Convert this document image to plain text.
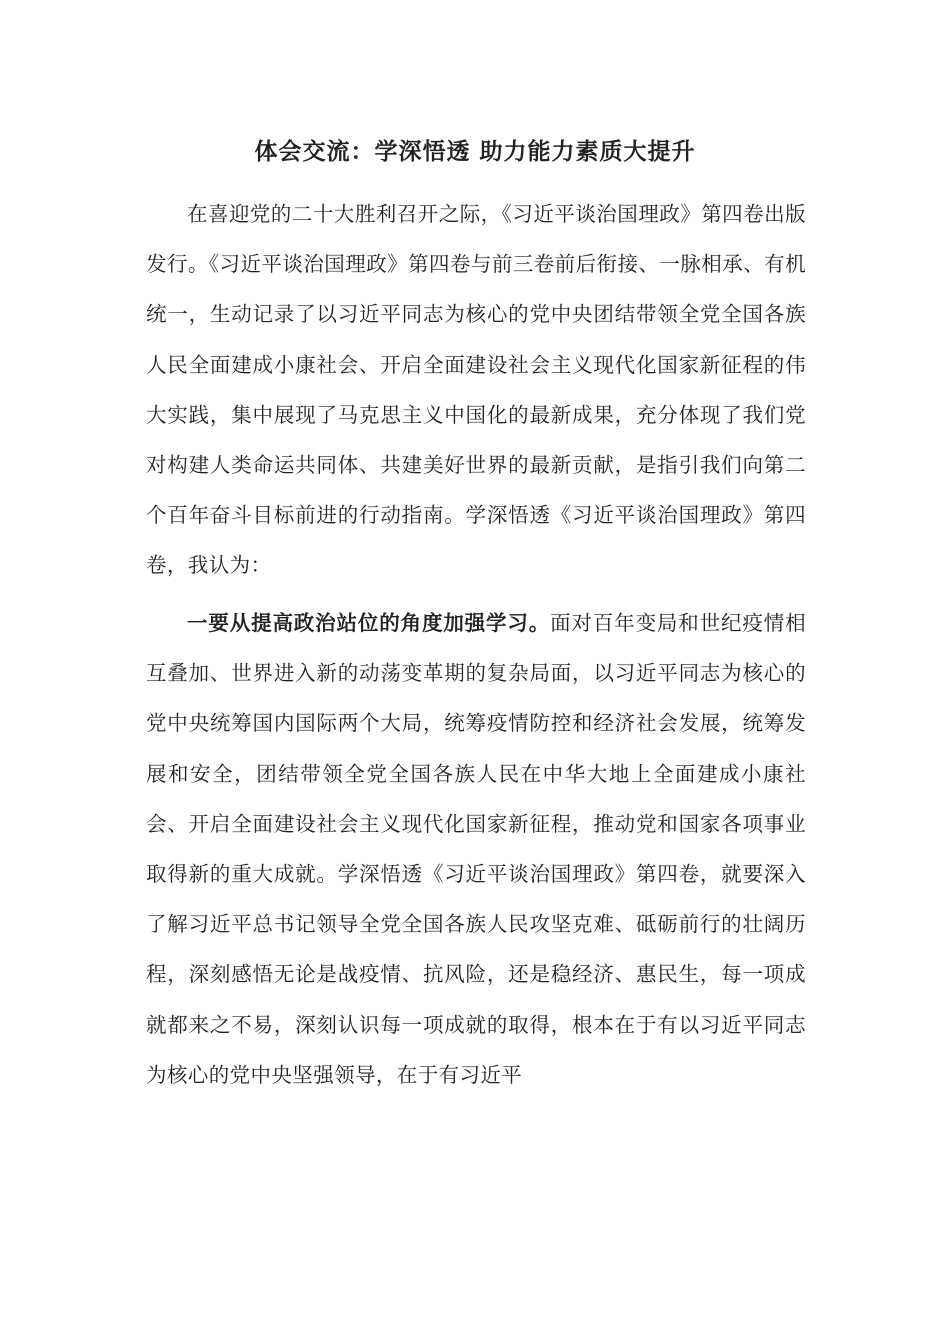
体会交流：学深悟透 助力能力素质大提升

在喜迎党的二十大胜利召开之际，《习近平谈治国理政》第四卷出版发行。《习近平谈治国理政》第四卷与前三卷前后衔接、一脉相承、有机统一，生动记录了以习近平同志为核心的党中央团结带领全党全国各族人民全面建成小康社会、开启全面建设社会主义现代化国家新征程的伟大实践，集中展现了马克思主义中国化的最新成果，充分体现了我们党对构建人类命运共同体、共建美好世界的最新贡献，是指引我们向第二个百年奋斗目标前进的行动指南。学深悟透《习近平谈治国理政》第四卷，我认为：

一要从提高政治站位的角度加强学习。面对百年变局和世纪疫情相互叠加、世界进入新的动荡变革期的复杂局面，以习近平同志为核心的党中央统筹国内国际两个大局，统筹疫情防控和经济社会发展，统筹发展和安全，团结带领全党全国各族人民在中华大地上全面建成小康社会、开启全面建设社会主义现代化国家新征程，推动党和国家各项事业取得新的重大成就。学深悟透《习近平谈治国理政》第四卷，就要深入了解习近平总书记领导全党全国各族人民攻坚克难、砥砺前行的壮阔历程，深刻感悟无论是战疫情、抗风险，还是稳经济、惠民生，每一项成就都来之不易，深刻认识每一项成就的取得，根本在于有以习近平同志为核心的党中央坚强领导，在于有习近平
